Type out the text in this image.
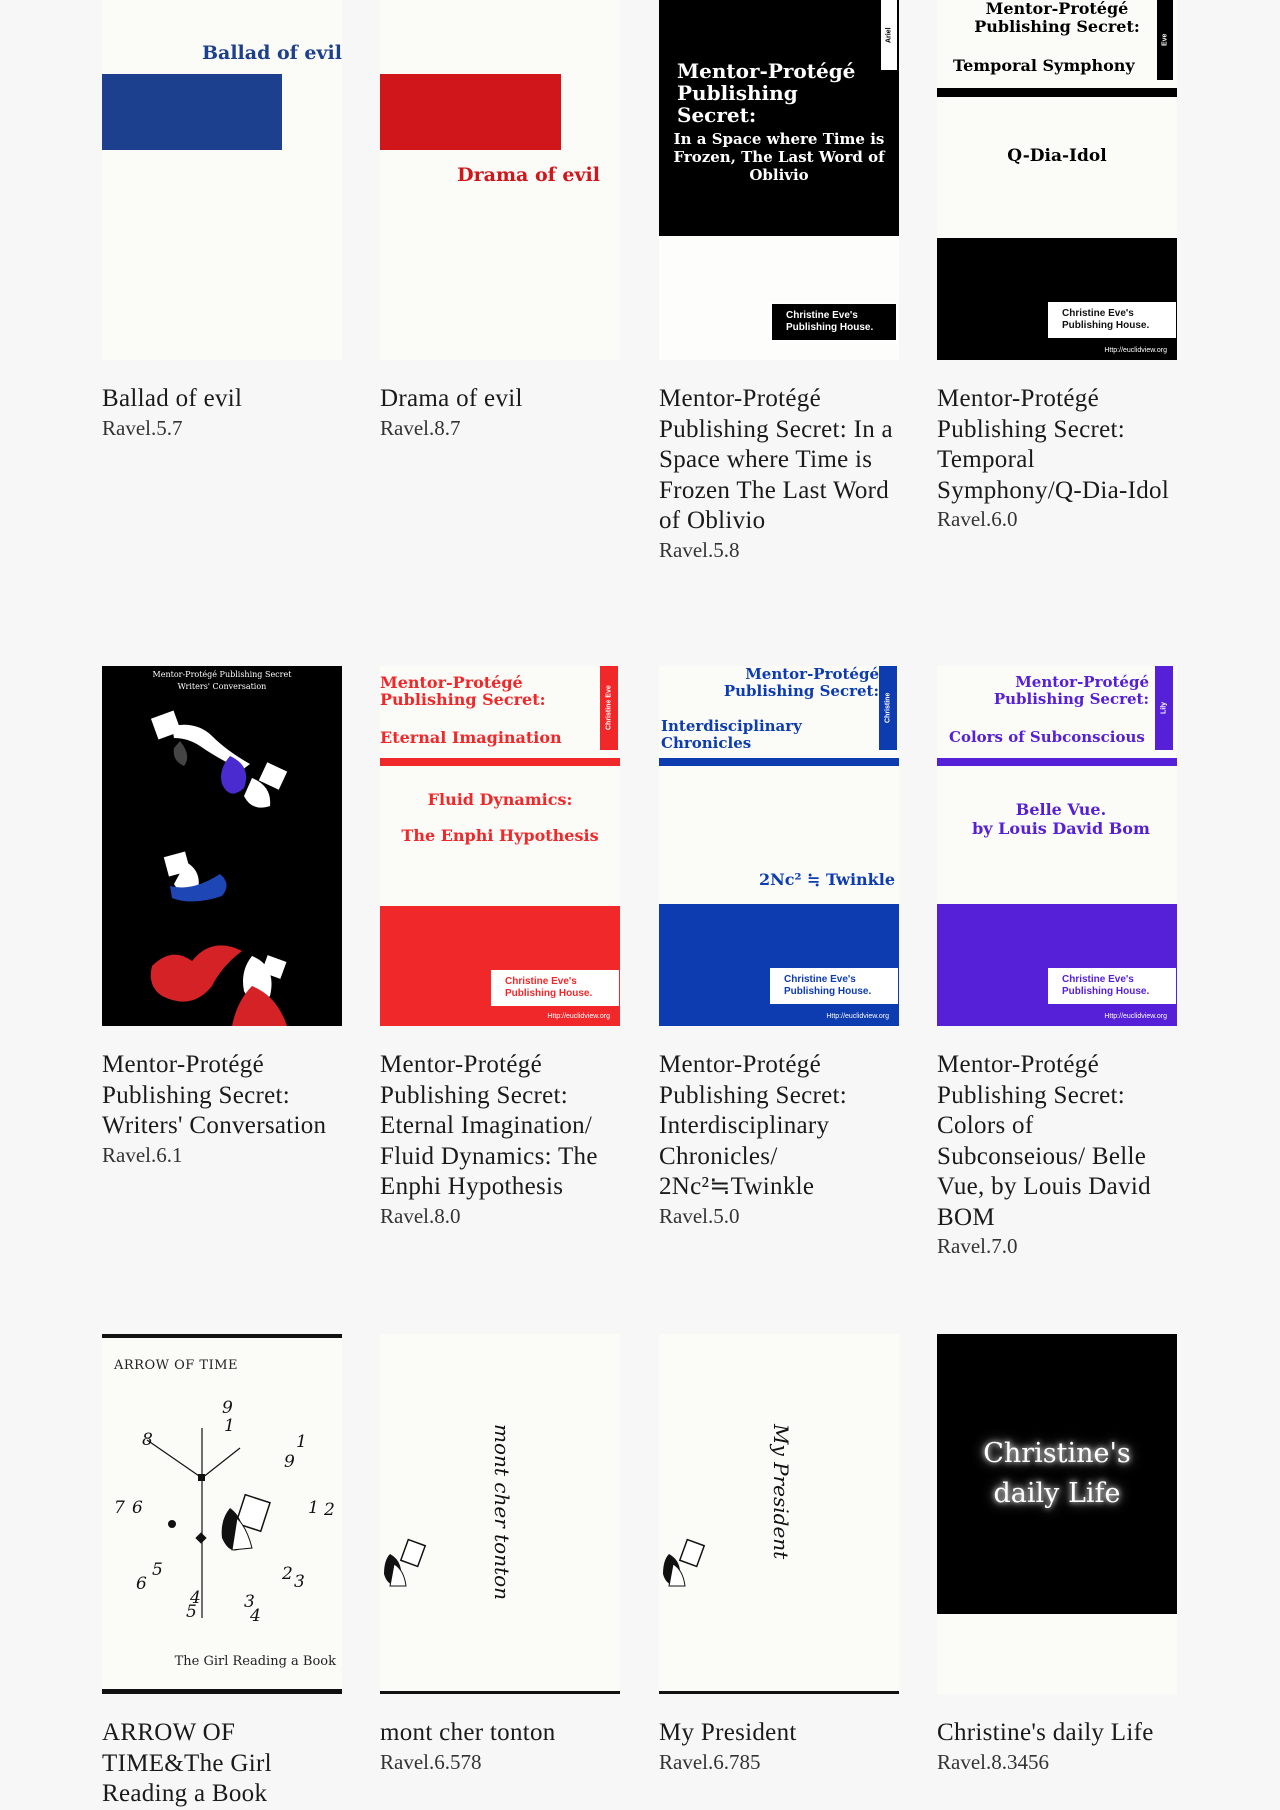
Ballad of evil
Ballad of evil
Ravel.5.7
Drama of evil
Drama of evil
Ravel.8.7
Ariel
Mentor-Protégé Publishing Secret:
In a Space where Time is Frozen, The Last Word of Oblivio
Christine Eve's
Publishing House.
Mentor-Protégé Publishing Secret: In a Space where Time is Frozen The Last Word of Oblivio
Ravel.5.8
Mentor-Protégé Publishing Secret:
Eve
Temporal Symphony
Q-Dia-Idol
Christine Eve's
Publishing House.
Http://euclidview.org
Mentor-Protégé Publishing Secret: Temporal Symphony/Q-Dia-Idol
Ravel.6.0
Mentor-Protégé Publishing Secret
Writers' Conversation
Mentor-Protégé Publishing Secret: Writers' Conversation
Ravel.6.1
Mentor-Protégé Publishing Secret:	Christine Eve
Eternal Imagination
Fluid Dynamics:
The Enphi Hypothesis
Christine Eve's
Publishing House.
Http://euclidview.org
Mentor-Protégé Publishing Secret: Eternal Imagination/ Fluid Dynamics: The Enphi Hypothesis
Ravel.8.0
Mentor-Protégé Publishing Secret:
Christine
Interdisciplinary Chronicles
2Nc² ≒ Twinkle
Christine Eve's
Publishing House.
Http://euclidview.org
Mentor-Protégé Publishing Secret: Interdisciplinary Chronicles/ 2Nc²≒Twinkle
Ravel.5.0
Mentor-Protégé Publishing Secret:	Lily
Colors of Subconscious
Belle Vue.
by Louis David Bom
Christine Eve's
Publishing House.
Http://euclidview.org
Mentor-Protégé Publishing Secret: Colors of Subconseious/ Belle Vue, by Louis David BOM
Ravel.7.0
ARROW OF TIME
9
1
8	1
9
7 6	1 2
5
6	2 3
4
5	3
4
The Girl Reading a Book
ARROW OF TIME&The Girl Reading a Book
mont cher tonton
mont cher tonton
Ravel.6.578
My President
My President
Ravel.6.785
Christine's daily Life
Christine's daily Life
Ravel.8.3456
